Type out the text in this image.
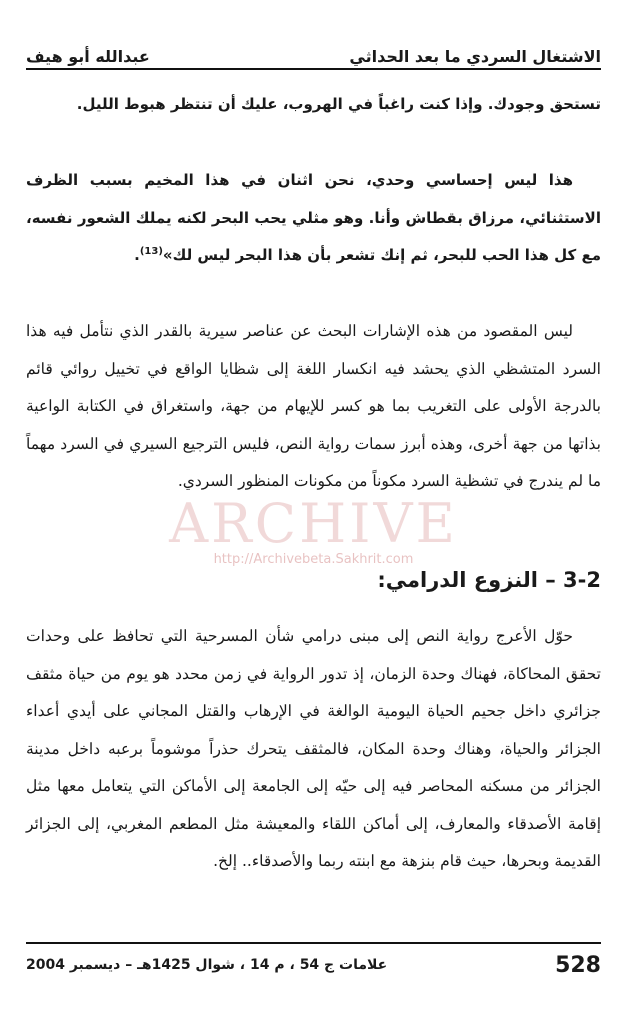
الاشتغال السردي ما بعد الحداثي
عبدالله أبو هيف

تستحق وجودك. وإذا كنت راغباً في الهروب، عليك أن تنتظر هبوط الليل.

هذا ليس إحساسي وحدي، نحن اثنان في هذا المخيم بسبب الظرف الاستثنائي، مرزاق بقطاش وأنا. وهو مثلي يحب البحر لكنه يملك الشعور نفسه، مع كل هذا الحب للبحر، ثم إنك تشعر بأن هذا البحر ليس لك»$^{(13)}$.

ليس المقصود من هذه الإشارات البحث عن عناصر سيرية بالقدر الذي نتأمل فيه هذا السرد المتشظي الذي يحشد فيه انكسار اللغة إلى شظايا الواقع في تخييل روائي قائم بالدرجة الأولى على التغريب بما هو كسر للإيهام من جهة، واستغراق في الكتابة الواعية بذاتها من جهة أخرى، وهذه أبرز سمات رواية النص، فليس الترجيع السيري في السرد مهماً ما لم يندرج في تشظية السرد مكوناً من مكونات المنظور السردي.

ARCHIVE
http://Archivebeta.Sakhrit.com
3-2 – النزوع الدرامي:

حوّل الأعرج رواية النص إلى مبنى درامي شأن المسرحية التي تحافظ على وحدات تحقق المحاكاة، فهناك وحدة الزمان، إذ تدور الرواية في زمن محدد هو يوم من حياة مثقف جزائري داخل جحيم الحياة اليومية الوالغة في الإرهاب والقتل المجاني على أيدي أعداء الجزائر والحياة، وهناك وحدة المكان، فالمثقف يتحرك حذراً موشوماً برعبه داخل مدينة الجزائر من مسكنه المحاصر فيه إلى حيّه إلى الجامعة إلى الأماكن التي يتعامل معها مثل إقامة الأصدقاء والمعارف، إلى أماكن اللقاء والمعيشة مثل المطعم المغربي، إلى الجزائر القديمة وبحرها، حيث قام بنزهة مع ابنته ربما والأصدقاء.. إلخ.

528
علامات ج 54 ، م 14 ، شوال 1425هـ – ديسمبر 2004
